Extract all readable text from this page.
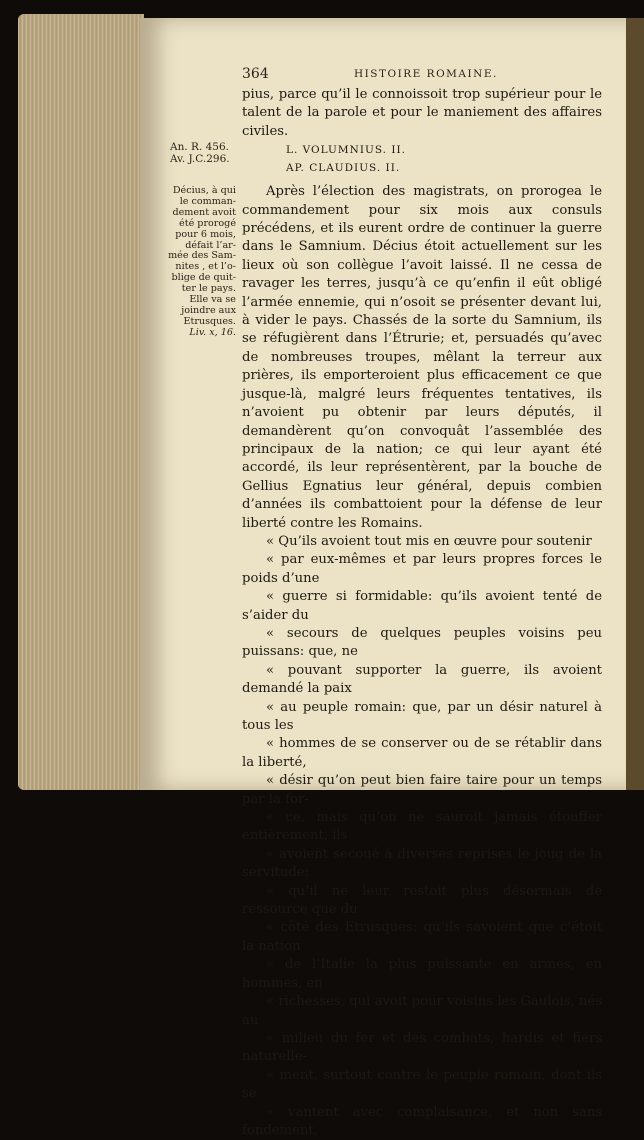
364	HISTOIRE ROMAINE.
An. R. 456.
Av. J.C.296.
Décius, à qui
le comman-
dement avoit
été prorogé
pour 6 mois,
défait l’ar-
mée des Sam-
nites , et l’o-
blige de quit-
ter le pays.
Elle va se
joindre aux
Etrusques.
Liv. x, 16.

pius, parce qu’il le connoissoit trop supérieur pour le talent de la parole et pour le maniement des affaires civiles.

L. VOLUMNIUS. II.
AP. CLAUDIUS. II.

Après l’élection des magistrats, on prorogea le commandement pour six mois aux consuls précédens, et ils eurent ordre de continuer la guerre dans le Samnium. Décius étoit actuellement sur les lieux où son collègue l’avoit laissé. Il ne cessa de ravager les terres, jusqu’à ce qu’enfin il eût obligé l’armée ennemie, qui n’osoit se présenter devant lui, à vider le pays. Chassés de la sorte du Samnium, ils se réfugièrent dans l’Étrurie; et, persuadés qu’avec de nombreuses troupes, mêlant la terreur aux prières, ils emporteroient plus efficacement ce que jusque-là, malgré leurs fréquentes tentatives, ils n’avoient pu obtenir par leurs députés, il demandèrent qu’on convoquât l’assemblée des principaux de la nation; ce qui leur ayant été accordé, ils leur représentèrent, par la bouche de Gellius Egnatius leur général, depuis combien d’années ils combattoient pour la défense de leur liberté contre les Romains.
« Qu’ils avoient tout mis en œuvre pour soutenir
« par eux-mêmes et par leurs propres forces le poids d’une
« guerre si formidable: qu’ils avoient tenté de s’aider du
« secours de quelques peuples voisins peu puissans: que, ne
« pouvant supporter la guerre, ils avoient demandé la paix
« au peuple romain: que, par un désir naturel à tous les
« hommes de se conserver ou de se rétablir dans la liberté,
« désir qu’on peut bien faire taire pour un temps par la for-
« ce, mais qu’on ne sauroit jamais étouffer entièrement, ils
« avoient secoué à diverses reprises le joug de la servitude:
« qu’il ne leur restoit plus désormais de ressource que du
« côté des Etrusques: qu’ils savoient que c’étoit la nation
« de l’Italie la plus puissante en armes, en hommes, en
« richesses, qui avoit pour voisins les Gaulois, nés au
« milieu du fer et des combats, hardis et fiers naturelle-
« ment, surtout contre le peuple romain, dont ils se
« vantent avec complaisance, et non sans fondement,
